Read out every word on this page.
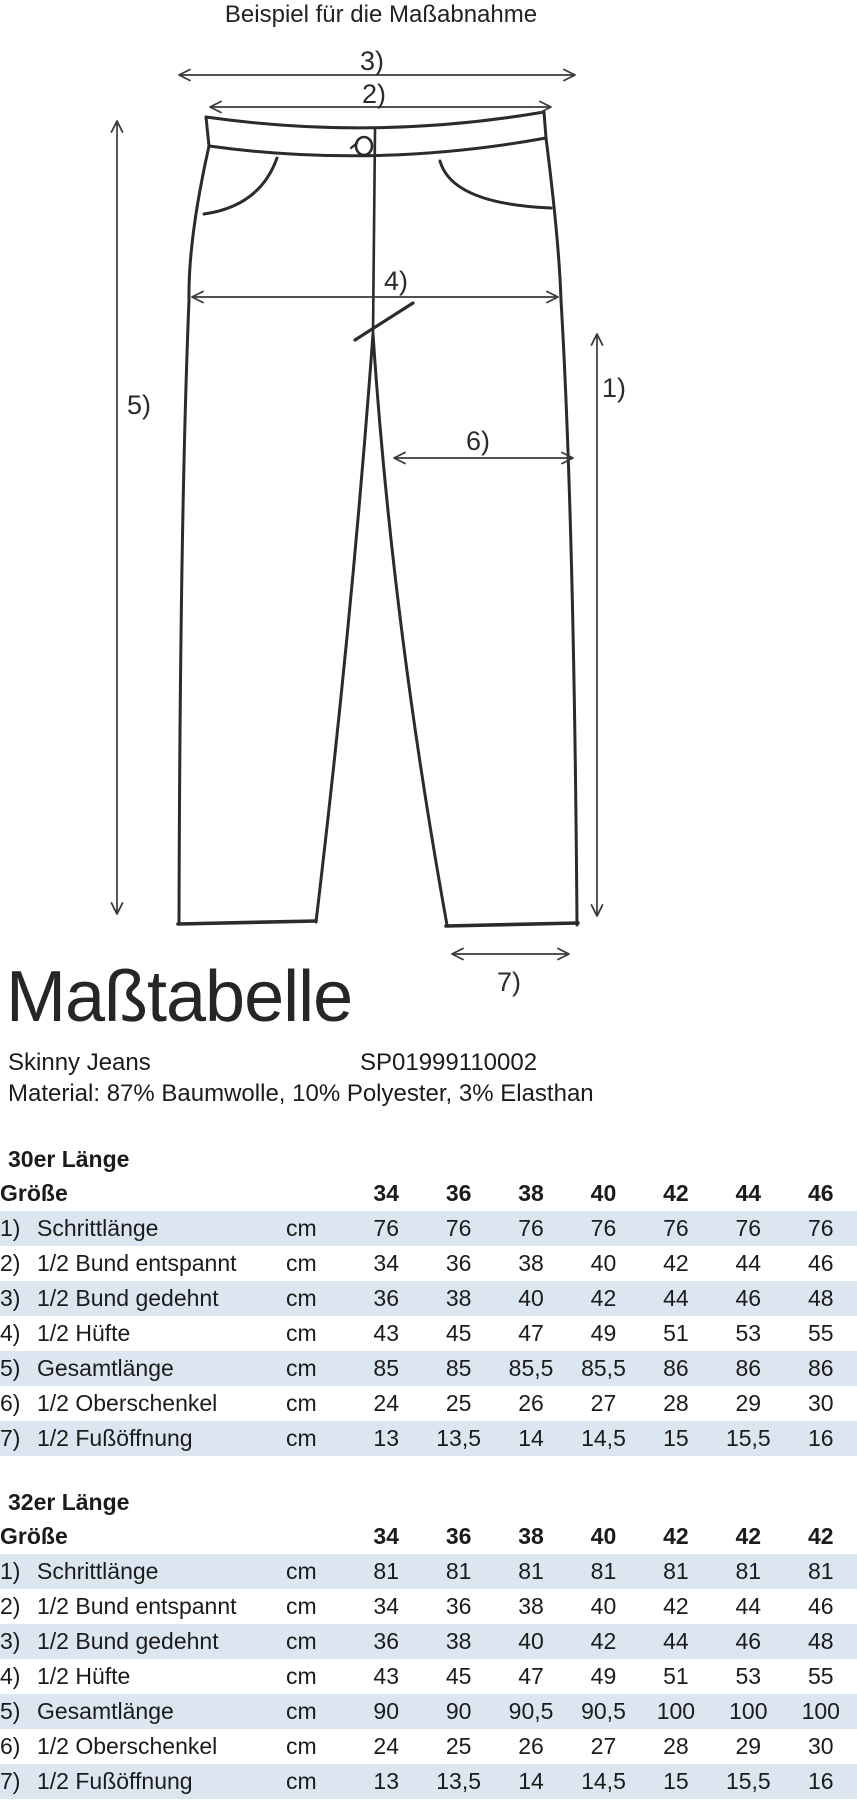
Beispiel für die Maßabnahme
3)
2)
4)
5)
1)
6)
7)
Maßtabelle
Skinny Jeans	SP01999110002
Material: 87% Baumwolle, 10% Polyester, 3% Elasthan
30er Länge
Größe		34	36	38	40	42	44	46
1) Schrittlänge	cm	76	76	76	76	76	76	76
2) 1/2 Bund entspannt	cm	34	36	38	40	42	44	46
3) 1/2 Bund gedehnt	cm	36	38	40	42	44	46	48
4) 1/2 Hüfte	cm	43	45	47	49	51	53	55
5) Gesamtlänge	cm	85	85	85,5	85,5	86	86	86
6) 1/2 Oberschenkel	cm	24	25	26	27	28	29	30
7) 1/2 Fußöffnung	cm	13	13,5	14	14,5	15	15,5	16
32er Länge
Größe		34	36	38	40	42	42	42
1) Schrittlänge	cm	81	81	81	81	81	81	81
2) 1/2 Bund entspannt	cm	34	36	38	40	42	44	46
3) 1/2 Bund gedehnt	cm	36	38	40	42	44	46	48
4) 1/2 Hüfte	cm	43	45	47	49	51	53	55
5) Gesamtlänge	cm	90	90	90,5	90,5	100	100	100
6) 1/2 Oberschenkel	cm	24	25	26	27	28	29	30
7) 1/2 Fußöffnung	cm	13	13,5	14	14,5	15	15,5	16
